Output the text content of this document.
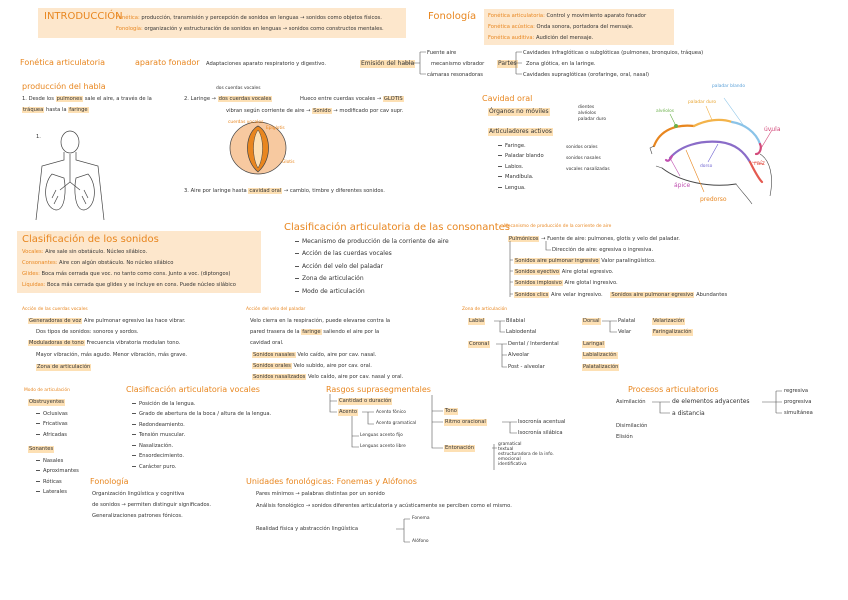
INTRODUCCIÓN
Fonética: producción, transmisión y percepción de sonidos en lenguas → sonidos como objetos físicos.
Fonología: organización y estructuración de sonidos en lenguas → sonidos como constructos mentales.
Fonología Fonética articulatoria: Control y movimiento aparato fonador
Fonética acústica: Onda sonora, portadora del mensaje.
Fonética auditiva: Audición del mensaje.
Fonética articulatoria	aparato fonador Adaptaciones aparato respiratorio y digestivo.	Emisión del habla
Fuente aire
mecanismo vibrador
cámaras resonadoras
Partes
Cavidades infraglóticas o subglóticas (pulmones, bronquios, tráquea)
Zona glótica, en la laringe.
Cavidades supraglóticas (orofaringe, oral, nasal)
producción del habla
1. Desde los pulmones sale el aire, a través de la
tráquea hasta la faringe
1.
2. Laringe → dos cuerdas vocales
dos cuerdas vocales
Hueco entre cuerdas vocales → GLOTIS
vibran según corriente de aire → Sonido → modificado por cav supr.
cuerdas vocales
Epiglotis
Glotis
3. Aire por laringe hasta cavidad oral → cambio, timbre y diferentes sonidos.
Cavidad oral
Órganos no móviles
dientes
alvéolos
paladar duro
Articuladores activos
Faringe.
Paladar blando
Labios.
Mandíbula.
Lengua.
sonidos orales
sonidos nasales
vocales nasalizadas
alvéolos
paladar duro
paladar blando
úvula
raíz
dorso
ápice
predorso
Clasificación de los sonidos
Vocales: Aire sale sin obstáculo. Núcleo silábico.
Consonantes: Aire con algún obstáculo. No núcleo silábico
Glides: Boca más cerrada que voc. no tanto como cons. Junto a voc. (diptongos)
Líquidas: Boca más cerrada que glides y se incluye en cons. Puede núcleo silábico
Clasificación articulatoria de las consonantes
Mecanismo de producción de la corriente de aire
Acción de las cuerdas vocales
Acción del velo del paladar
Zona de articulación
Modo de articulación
Mecanismo de producción de la corriente de aire
Pulmónicos → Fuente de aire: pulmones, glotis y velo del paladar.
Dirección de aire: egresiva o ingresiva.
Sonidos aire pulmonar ingresivo Valor paralingüístico.
Sonidos eyectivo Aire glotal egresivo.
Sonidos implosivo Aire glotal ingresivo.
Sonidos clics Aire velar ingresivo. Sonidos aire pulmonar egresivo Abundantes
Acción de las cuerdas vocales
Generadoras de voz Aire pulmonar egresivo las hace vibrar.
Dos tipos de sonidos: sonoros y sordos.
Moduladoras de tono Frecuencia vibratoria modulan tono.
Mayor vibración, más agudo. Menor vibración, más grave.
Zona de articulación
Acción del velo del paladar
Velo cierra en la respiración, puede elevarse contra la
pared trasera de la faringe saliendo el aire por la
cavidad oral.
Sonidos nasales Velo caído, aire por cav. nasal.
Sonidos orales Velo subido, aire por cav. oral.
Sonidos nasalizados Velo caído, aire por cav. nasal y oral.
Zona de articulación
Labial	Bilabial
Labiodental
Coronal	Dental / Interdental
Alveolar
Post - alveolar
Dorsal	Palatal
Velar
Laringal
Velarización
Faringalización
Labialización
Palatalización
Modo de articulación
Obstruyentes
Oclusivas
Fricativas
Africadas
Sonantes
Nasales
Aproximantes
Róticas
Laterales
Clasificación articulatoria vocales
Posición de la lengua.
Grado de abertura de la boca / altura de la lengua.
Redondeamiento.
Tensión muscular.
Nasalización.
Ensordecimiento.
Carácter puro.
Fonología
Organización lingüística y cognitiva
de sonidos → permiten distinguir significados.
Generalizaciones patrones fónicos.
Rasgos suprasegmentales
Cantidad o duración
Acento	Acento fónico
Acento gramatical
Lenguas acento fijo
Lenguas acento libre
Tono
Ritmo oracional	Isocronía acentual
Isocronía silábica
Entonación
gramatical
textual
estructuradora de la info.
emocional
identificativa
Procesos articulatorios
Asimilación	de elementos adyacentes
a distancia
regresiva
progresiva
simultánea
Disimilación
Elisión
Unidades fonológicas: Fonemas y Alófonos
Pares mínimos → palabras distintas por un sonido
Análisis fonológico → sonidos diferentes articulatoria y acústicamente se perciben como el mismo.
Realidad física y abstracción lingüística
Fonema
Alófono
